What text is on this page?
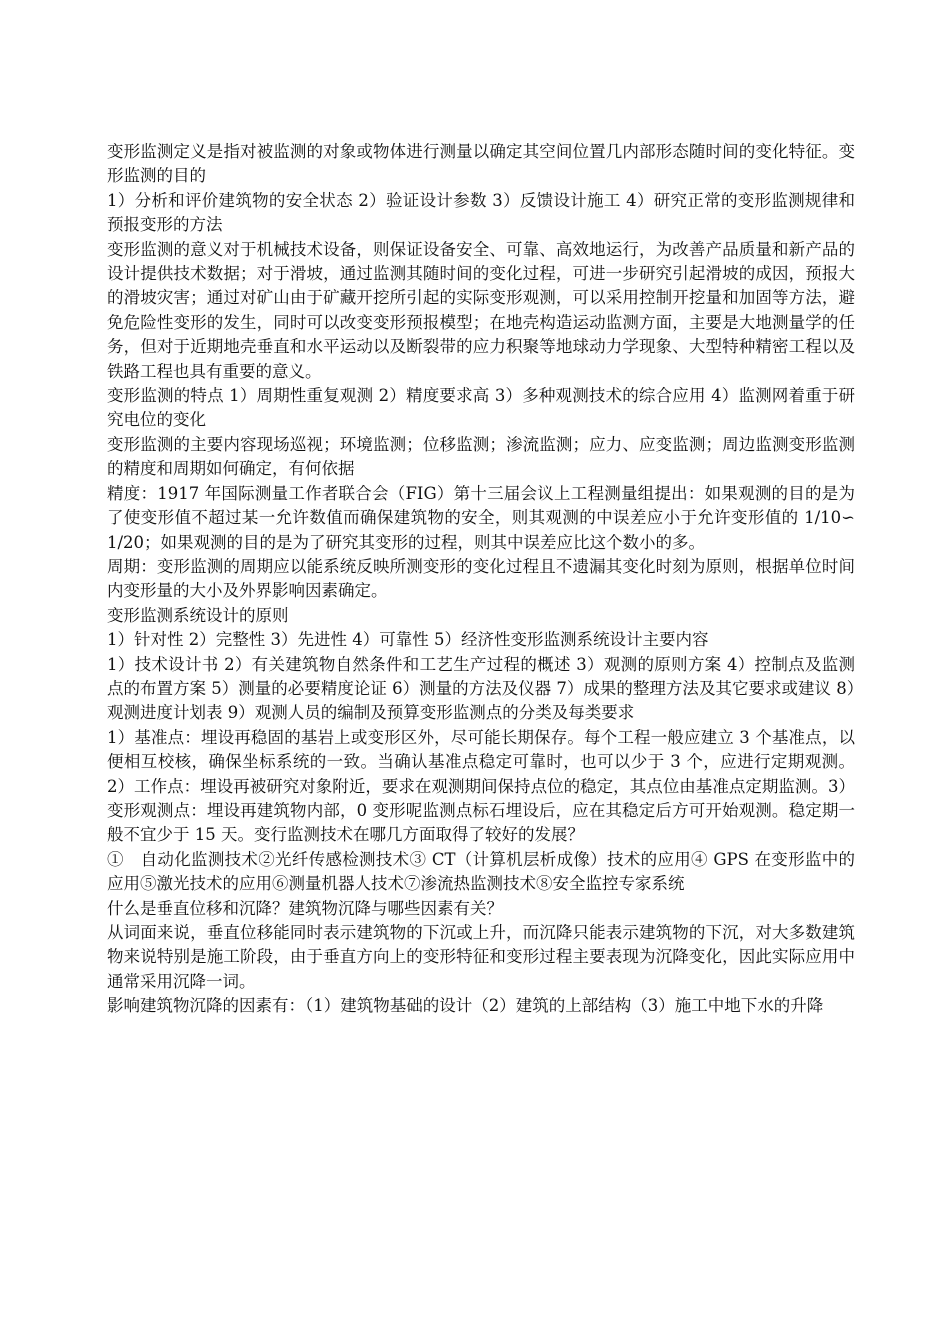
变形监测定义是指对被监测的对象或物体进行测量以确定其空间位置几内部形态随时间的变化特征。变形监测的目的

1）分析和评价建筑物的安全状态 2）验证设计参数 3）反馈设计施工 4）研究正常的变形监测规律和预报变形的方法

变形监测的意义对于机械技术设备，则保证设备安全、可靠、高效地运行，为改善产品质量和新产品的设计提供技术数据；对于滑坡，通过监测其随时间的变化过程，可进一步研究引起滑坡的成因，预报大的滑坡灾害；通过对矿山由于矿藏开挖所引起的实际变形观测，可以采用控制开挖量和加固等方法，避免危险性变形的发生，同时可以改变变形预报模型；在地壳构造运动监测方面，主要是大地测量学的任务，但对于近期地壳垂直和水平运动以及断裂带的应力积聚等地球动力学现象、大型特种精密工程以及铁路工程也具有重要的意义。

变形监测的特点 1）周期性重复观测 2）精度要求高 3）多种观测技术的综合应用 4）监测网着重于研究电位的变化

变形监测的主要内容现场巡视；环境监测；位移监测；渗流监测；应力、应变监测；周边监测变形监测的精度和周期如何确定，有何依据

精度：1917 年国际测量工作者联合会（FIG）第十三届会议上工程测量组提出：如果观测的目的是为了使变形值不超过某一允许数值而确保建筑物的安全，则其观测的中误差应小于允许变形值的 1/10∽1/20；如果观测的目的是为了研究其变形的过程，则其中误差应比这个数小的多。

周期：变形监测的周期应以能系统反映所测变形的变化过程且不遗漏其变化时刻为原则，根据单位时间内变形量的大小及外界影响因素确定。

变形监测系统设计的原则

1）针对性 2）完整性 3）先进性 4）可靠性 5）经济性变形监测系统设计主要内容

1）技术设计书 2）有关建筑物自然条件和工艺生产过程的概述 3）观测的原则方案 4）控制点及监测点的布置方案 5）测量的必要精度论证 6）测量的方法及仪器 7）成果的整理方法及其它要求或建议 8）观测进度计划表 9）观测人员的编制及预算变形监测点的分类及每类要求

1）基准点：埋设再稳固的基岩上或变形区外，尽可能长期保存。每个工程一般应建立 3 个基准点，以便相互校核，确保坐标系统的一致。当确认基准点稳定可靠时，也可以少于 3 个，应进行定期观测。2）工作点：埋设再被研究对象附近，要求在观测期间保持点位的稳定，其点位由基准点定期监测。3）变形观测点：埋设再建筑物内部，0 变形呢监测点标石埋设后，应在其稳定后方可开始观测。稳定期一般不宜少于 15 天。变行监测技术在哪几方面取得了较好的发展？

①　自动化监测技术②光纤传感检测技术③ CT（计算机层析成像）技术的应用④ GPS 在变形监中的应用⑤激光技术的应用⑥测量机器人技术⑦渗流热监测技术⑧安全监控专家系统

什么是垂直位移和沉降？建筑物沉降与哪些因素有关？

从词面来说，垂直位移能同时表示建筑物的下沉或上升，而沉降只能表示建筑物的下沉，对大多数建筑物来说特别是施工阶段，由于垂直方向上的变形特征和变形过程主要表现为沉降变化，因此实际应用中通常采用沉降一词。

影响建筑物沉降的因素有：（1）建筑物基础的设计（2）建筑的上部结构（3）施工中地下水的升降
